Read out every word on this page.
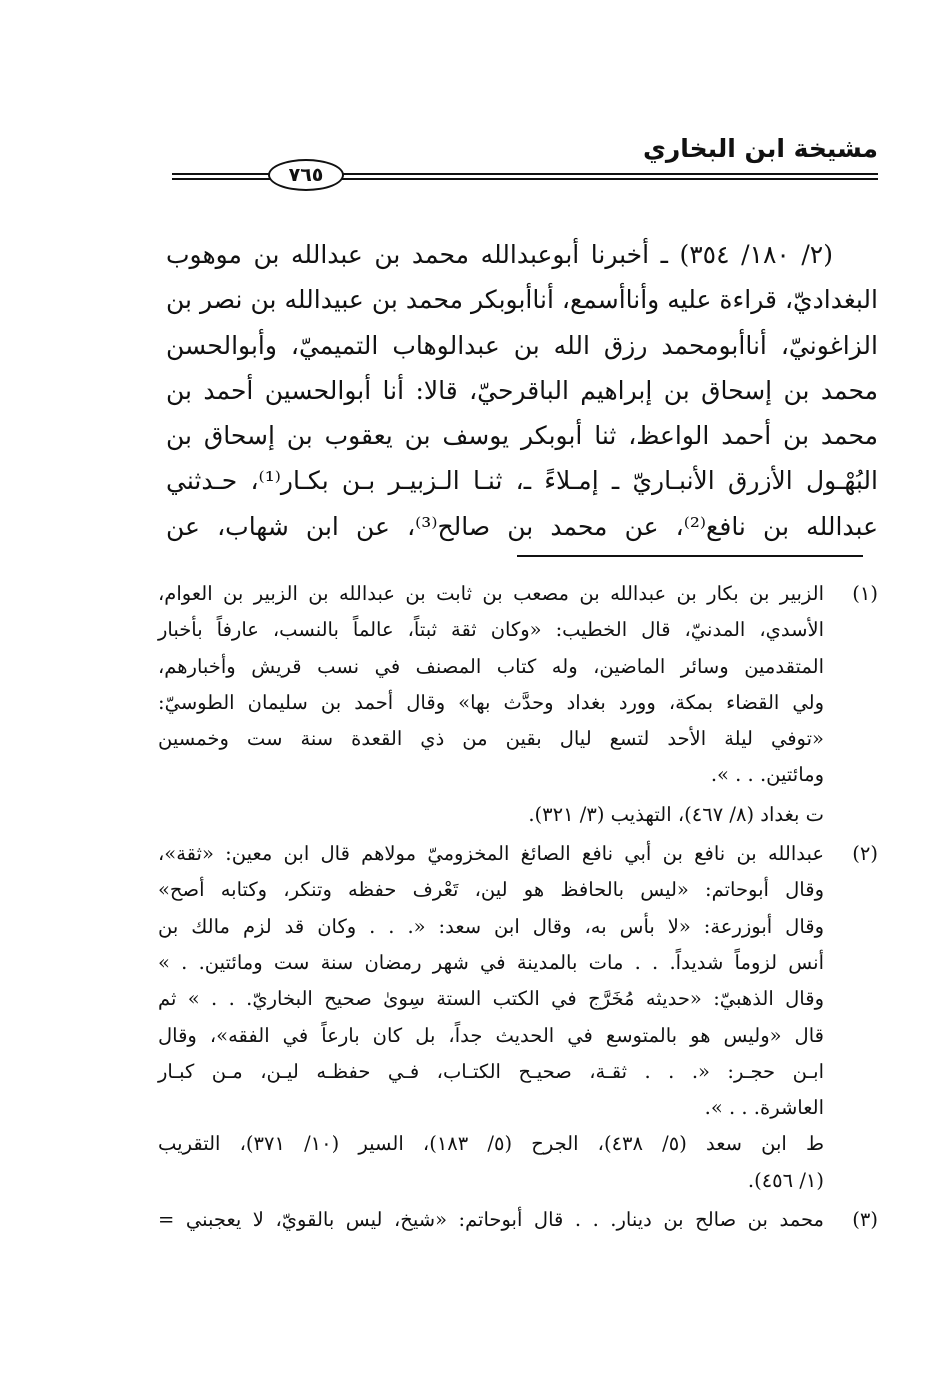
مشيخة ابن البخاري
٧٦٥
(٢/ ١٨٠/ ٣٥٤) ـ أخبرنا أبوعبدالله محمد بن عبدالله بن موهوب
البغداديّ، قراءة عليه وأناأسمع، أناأبوبكر محمد بن عبيدالله بن نصر بن
الزاغونيّ، أناأبومحمد رزق الله بن عبدالوهاب التميميّ، وأبوالحسن
محمد بن إسحاق بن إبراهيم الباقرحيّ، قالا: أنا أبوالحسين أحمد بن
محمد بن أحمد الواعظ، ثنا أبوبكر يوسف بن يعقوب بن إسحاق بن
البُهْـول الأزرق الأنبـاريّ ـ إمـلاءً ـ، ثنـا الـزبيـر بـن بكـار⁽¹⁾، حـدثني
عبدالله بن نافع⁽²⁾، عن محمد بن صالح⁽³⁾، عن ابن شهاب، عن
(١)
الزبير بن بكار بن عبدالله بن مصعب بن ثابت بن عبدالله بن الزبير بن العوام،
الأسدي، المدنيّ، قال الخطيب: «وكان ثقة ثبتاً، عالماً بالنسب، عارفاً بأخبار
المتقدمين وسائر الماضين، وله كتاب المصنف في نسب قريش وأخبارهم،
ولي القضاء بمكة، وورد بغداد وحدَّث بها» وقال أحمد بن سليمان الطوسيّ:
«توفي ليلة الأحد لتسع ليال بقين من ذي القعدة سنة ست وخمسين
ومائتين. . . ».
ت بغداد (٨/ ٤٦٧)، التهذيب (٣/ ٣٢١).
(٢)
عبدالله بن نافع بن أبي نافع الصائغ المخزوميّ مولاهم قال ابن معين: «ثقة»،
وقال أبوحاتم: «ليس بالحافظ هو لين، تَعْرف حفظه وتنكر، وكتابه أصح»
وقال أبوزرعة: «لا بأس به، وقال ابن سعد: «. . . وكان قد لزم مالك بن
أنس لزوماً شديداً. . . مات بالمدينة في شهر رمضان سنة ست ومائتين. . »
وقال الذهبيّ: «حديثه مُخَرَّج في الكتب الستة سِوىٰ صحيح البخاريّ. . . » ثم
قال «وليس هو بالمتوسع في الحديث جداً، بل كان بارعاً في الفقه»، وقال
ابـن حجـر: «. . . ثقـة، صحيـح الكتـاب، فـي حفظـه ليـن، مـن كبـار
العاشرة. . . ».
ط ابن سعد (٥/ ٤٣٨)، الجرح (٥/ ١٨٣)، السير (١٠/ ٣٧١)، التقريب
(١/ ٤٥٦).
(٣)
محمد بن صالح بن دينار. . . قال أبوحاتم: «شيخ، ليس بالقويّ، لا يعجبني =
